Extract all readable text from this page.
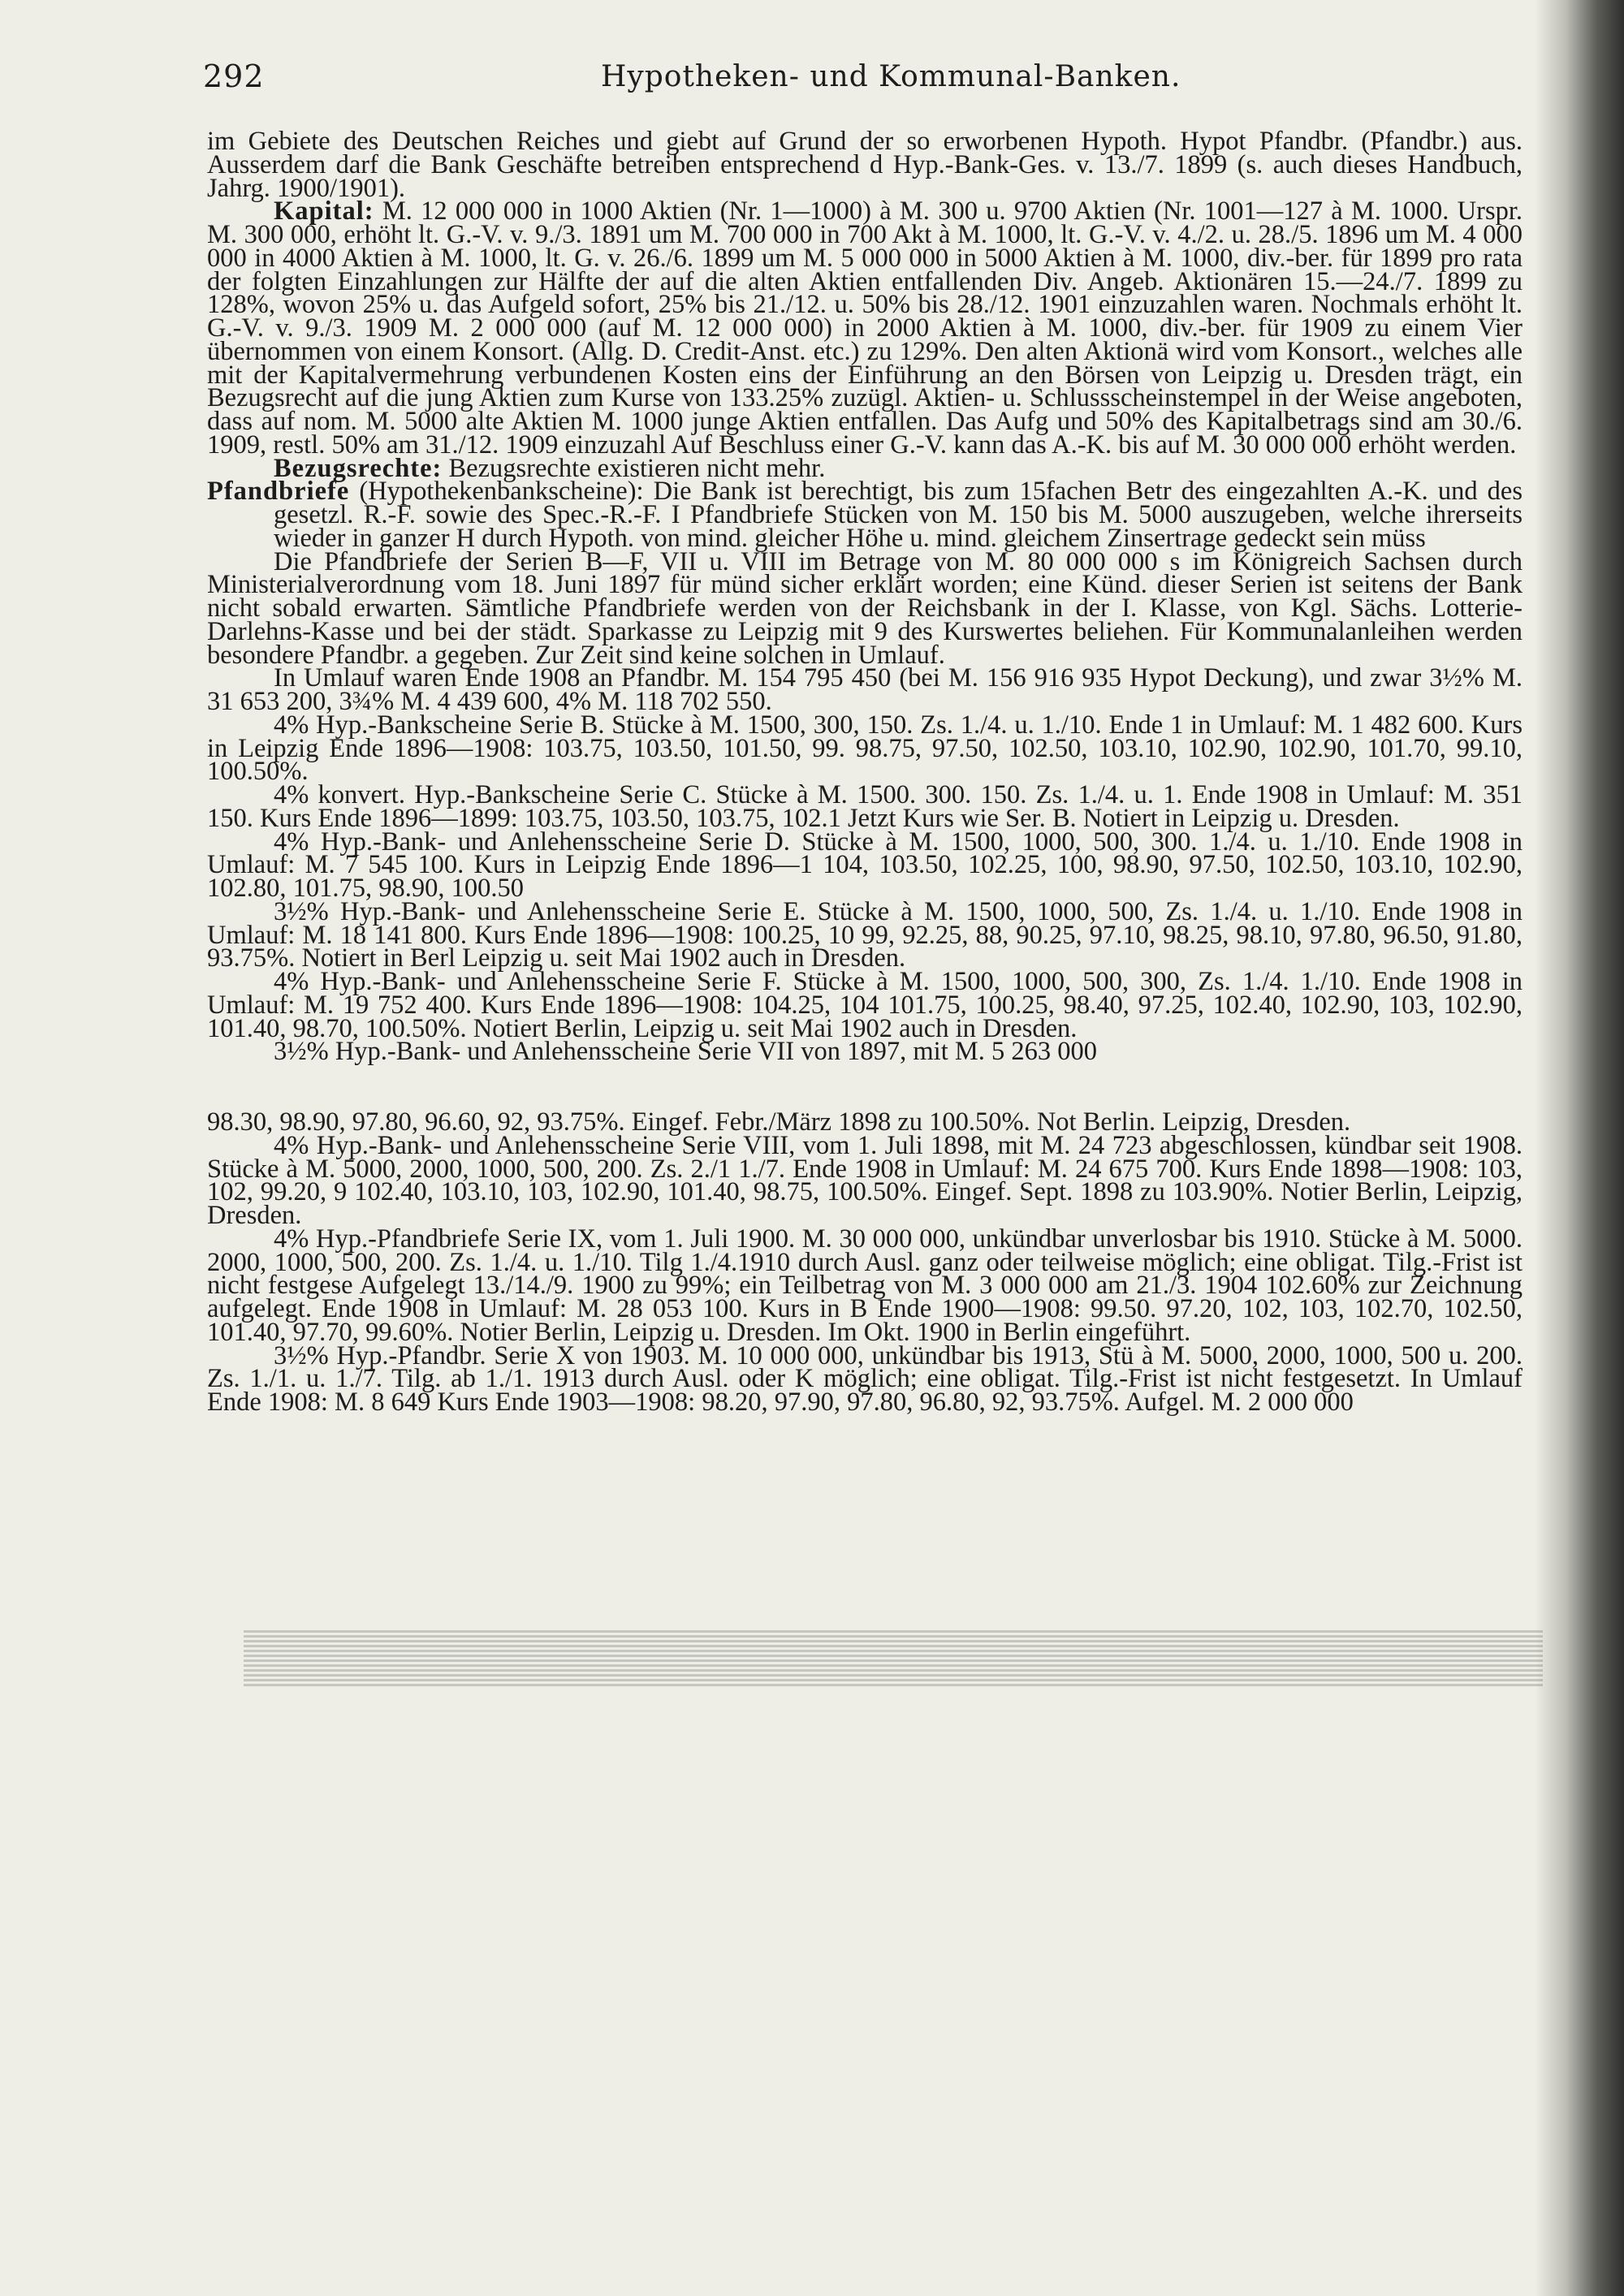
292	Hypotheken- und Kommunal-Banken.

im Gebiete des Deutschen Reiches und giebt auf Grund der so erworbenen Hypoth. Hypot Pfandbr. (Pfandbr.) aus. Ausserdem darf die Bank Geschäfte betreiben entsprechend d Hyp.-Bank-Ges. v. 13./7. 1899 (s. auch dieses Handbuch, Jahrg. 1900/1901).

Kapital: M. 12 000 000 in 1000 Aktien (Nr. 1—1000) à M. 300 u. 9700 Aktien (Nr. 1001—127 à M. 1000. Urspr. M. 300 000, erhöht lt. G.-V. v. 9./3. 1891 um M. 700 000 in 700 Akt à M. 1000, lt. G.-V. v. 4./2. u. 28./5. 1896 um M. 4 000 000 in 4000 Aktien à M. 1000, lt. G. v. 26./6. 1899 um M. 5 000 000 in 5000 Aktien à M. 1000, div.-ber. für 1899 pro rata der folgten Einzahlungen zur Hälfte der auf die alten Aktien entfallenden Div. Angeb. Aktionären 15.—24./7. 1899 zu 128%, wovon 25% u. das Aufgeld sofort, 25% bis 21./12. u. 50% bis 28./12. 1901 einzuzahlen waren. Nochmals erhöht lt. G.-V. v. 9./3. 1909 M. 2 000 000 (auf M. 12 000 000) in 2000 Aktien à M. 1000, div.-ber. für 1909 zu einem Vier übernommen von einem Konsort. (Allg. D. Credit-Anst. etc.) zu 129%. Den alten Aktionä wird vom Konsort., welches alle mit der Kapitalvermehrung verbundenen Kosten eins der Einführung an den Börsen von Leipzig u. Dresden trägt, ein Bezugsrecht auf die jung Aktien zum Kurse von 133.25% zuzügl. Aktien- u. Schlussscheinstempel in der Weise angeboten, dass auf nom. M. 5000 alte Aktien M. 1000 junge Aktien entfallen. Das Aufg und 50% des Kapitalbetrags sind am 30./6. 1909, restl. 50% am 31./12. 1909 einzuzahl Auf Beschluss einer G.-V. kann das A.-K. bis auf M. 30 000 000 erhöht werden.

Bezugsrechte: Bezugsrechte existieren nicht mehr.

Pfandbriefe (Hypothekenbankscheine): Die Bank ist berechtigt, bis zum 15fachen Betr des eingezahlten A.-K. und des gesetzl. R.-F. sowie des Spec.-R.-F. I Pfandbriefe Stücken von M. 150 bis M. 5000 auszugeben, welche ihrerseits wieder in ganzer H durch Hypoth. von mind. gleicher Höhe u. mind. gleichem Zinsertrage gedeckt sein müss

Die Pfandbriefe der Serien B—F, VII u. VIII im Betrage von M. 80 000 000 s im Königreich Sachsen durch Ministerialverordnung vom 18. Juni 1897 für münd sicher erklärt worden; eine Künd. dieser Serien ist seitens der Bank nicht sobald erwarten. Sämtliche Pfandbriefe werden von der Reichsbank in der I. Klasse, von Kgl. Sächs. Lotterie-Darlehns-Kasse und bei der städt. Sparkasse zu Leipzig mit 9 des Kurswertes beliehen. Für Kommunalanleihen werden besondere Pfandbr. a gegeben. Zur Zeit sind keine solchen in Umlauf.

In Umlauf waren Ende 1908 an Pfandbr. M. 154 795 450 (bei M. 156 916 935 Hypot Deckung), und zwar 3½% M. 31 653 200, 3¾% M. 4 439 600, 4% M. 118 702 550.

4% Hyp.-Bankscheine Serie B. Stücke à M. 1500, 300, 150. Zs. 1./4. u. 1./10. Ende 1 in Umlauf: M. 1 482 600. Kurs in Leipzig Ende 1896—1908: 103.75, 103.50, 101.50, 99. 98.75, 97.50, 102.50, 103.10, 102.90, 102.90, 101.70, 99.10, 100.50%.

4% konvert. Hyp.-Bankscheine Serie C. Stücke à M. 1500. 300. 150. Zs. 1./4. u. 1. Ende 1908 in Umlauf: M. 351 150. Kurs Ende 1896—1899: 103.75, 103.50, 103.75, 102.1 Jetzt Kurs wie Ser. B. Notiert in Leipzig u. Dresden.

4% Hyp.-Bank- und Anlehensscheine Serie D. Stücke à M. 1500, 1000, 500, 300. 1./4. u. 1./10. Ende 1908 in Umlauf: M. 7 545 100. Kurs in Leipzig Ende 1896—1 104, 103.50, 102.25, 100, 98.90, 97.50, 102.50, 103.10, 102.90, 102.80, 101.75, 98.90, 100.50

3½% Hyp.-Bank- und Anlehensscheine Serie E. Stücke à M. 1500, 1000, 500, Zs. 1./4. u. 1./10. Ende 1908 in Umlauf: M. 18 141 800. Kurs Ende 1896—1908: 100.25, 10 99, 92.25, 88, 90.25, 97.10, 98.25, 98.10, 97.80, 96.50, 91.80, 93.75%. Notiert in Berl Leipzig u. seit Mai 1902 auch in Dresden.

4% Hyp.-Bank- und Anlehensscheine Serie F. Stücke à M. 1500, 1000, 500, 300, Zs. 1./4. 1./10. Ende 1908 in Umlauf: M. 19 752 400. Kurs Ende 1896—1908: 104.25, 104 101.75, 100.25, 98.40, 97.25, 102.40, 102.90, 103, 102.90, 101.40, 98.70, 100.50%. Notiert Berlin, Leipzig u. seit Mai 1902 auch in Dresden.

3½% Hyp.-Bank- und Anlehensscheine Serie VII von 1897, mit M. 5 263 000

98.30, 98.90, 97.80, 96.60, 92, 93.75%. Eingef. Febr./März 1898 zu 100.50%. Not Berlin. Leipzig, Dresden.

4% Hyp.-Bank- und Anlehensscheine Serie VIII, vom 1. Juli 1898, mit M. 24 723 abgeschlossen, kündbar seit 1908. Stücke à M. 5000, 2000, 1000, 500, 200. Zs. 2./1 1./7. Ende 1908 in Umlauf: M. 24 675 700. Kurs Ende 1898—1908: 103, 102, 99.20, 9 102.40, 103.10, 103, 102.90, 101.40, 98.75, 100.50%. Eingef. Sept. 1898 zu 103.90%. Notier Berlin, Leipzig, Dresden.

4% Hyp.-Pfandbriefe Serie IX, vom 1. Juli 1900. M. 30 000 000, unkündbar unverlosbar bis 1910. Stücke à M. 5000. 2000, 1000, 500, 200. Zs. 1./4. u. 1./10. Tilg 1./4.1910 durch Ausl. ganz oder teilweise möglich; eine obligat. Tilg.-Frist ist nicht festgese Aufgelegt 13./14./9. 1900 zu 99%; ein Teilbetrag von M. 3 000 000 am 21./3. 1904 102.60% zur Zeichnung aufgelegt. Ende 1908 in Umlauf: M. 28 053 100. Kurs in B Ende 1900—1908: 99.50. 97.20, 102, 103, 102.70, 102.50, 101.40, 97.70, 99.60%. Notier Berlin, Leipzig u. Dresden. Im Okt. 1900 in Berlin eingeführt.

3½% Hyp.-Pfandbr. Serie X von 1903. M. 10 000 000, unkündbar bis 1913, Stü à M. 5000, 2000, 1000, 500 u. 200. Zs. 1./1. u. 1./7. Tilg. ab 1./1. 1913 durch Ausl. oder K möglich; eine obligat. Tilg.-Frist ist nicht festgesetzt. In Umlauf Ende 1908: M. 8 649 Kurs Ende 1903—1908: 98.20, 97.90, 97.80, 96.80, 92, 93.75%. Aufgel. M. 2 000 000
